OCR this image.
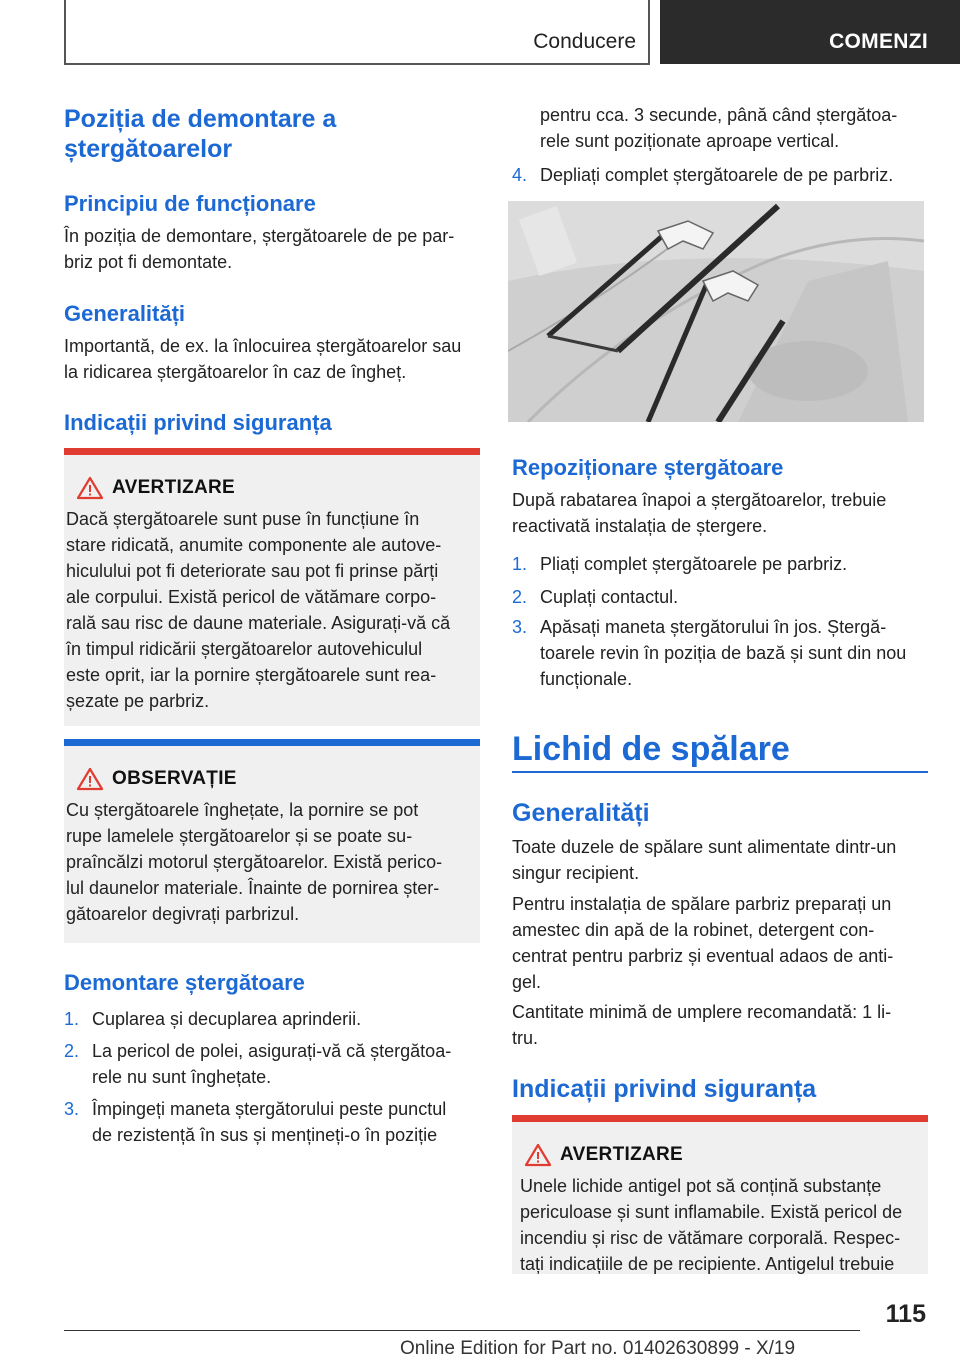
Conducere	COMENZI
Poziția de demontare a
ștergătoarelor
Principiu de funcționare
În poziția de demontare, ștergătoarele de pe par-
briz pot fi demontate.
Generalități
Importantă, de ex. la înlocuirea ștergătoarelor sau
la ridicarea ștergătoarelor în caz de îngheț.
Indicații privind siguranța
AVERTIZARE
Dacă ștergătoarele sunt puse în funcțiune în
stare ridicată, anumite componente ale autove-
hiculului pot fi deteriorate sau pot fi prinse părți
ale corpului. Există pericol de vătămare corpo-
rală sau risc de daune materiale. Asigurați-vă că
în timpul ridicării ștergătoarelor autovehiculul
este oprit, iar la pornire ștergătoarele sunt rea-
șezate pe parbriz.
OBSERVAȚIE
Cu ștergătoarele înghețate, la pornire se pot
rupe lamelele ștergătoarelor și se poate su-
praîncălzi motorul ștergătoarelor. Există perico-
lul daunelor materiale. Înainte de pornirea șter-
gătoarelor degivrați parbrizul.
Demontare ștergătoare
1. Cuplarea și decuplarea aprinderii.
2. La pericol de polei, asigurați-vă că ștergătoa-
rele nu sunt înghețate.
3. Împingeți maneta ștergătorului peste punctul
de rezistență în sus și mențineți-o în poziție
pentru cca. 3 secunde, până când ștergătoa-
rele sunt poziționate aproape vertical.
4. Depliați complet ștergătoarele de pe parbriz.
Repoziționare ștergătoare
După rabatarea înapoi a ștergătoarelor, trebuie
reactivată instalația de ștergere.
1. Pliați complet ștergătoarele pe parbriz.
2. Cuplați contactul.
3. Apăsați maneta ștergătorului în jos. Ștergă-
toarele revin în poziția de bază și sunt din nou
funcționale.
Lichid de spălare
Generalități
Toate duzele de spălare sunt alimentate dintr-un
singur recipient.
Pentru instalația de spălare parbriz preparați un
amestec din apă de la robinet, detergent con-
centrat pentru parbriz și eventual adaos de anti-
gel.
Cantitate minimă de umplere recomandată: 1 li-
tru.
Indicații privind siguranța
AVERTIZARE
Unele lichide antigel pot să conțină substanțe
periculoase și sunt inflamabile. Există pericol de
incendiu și risc de vătămare corporală. Respec-
tați indicațiile de pe recipiente. Antigelul trebuie
115
Online Edition for Part no. 01402630899 - X/19
